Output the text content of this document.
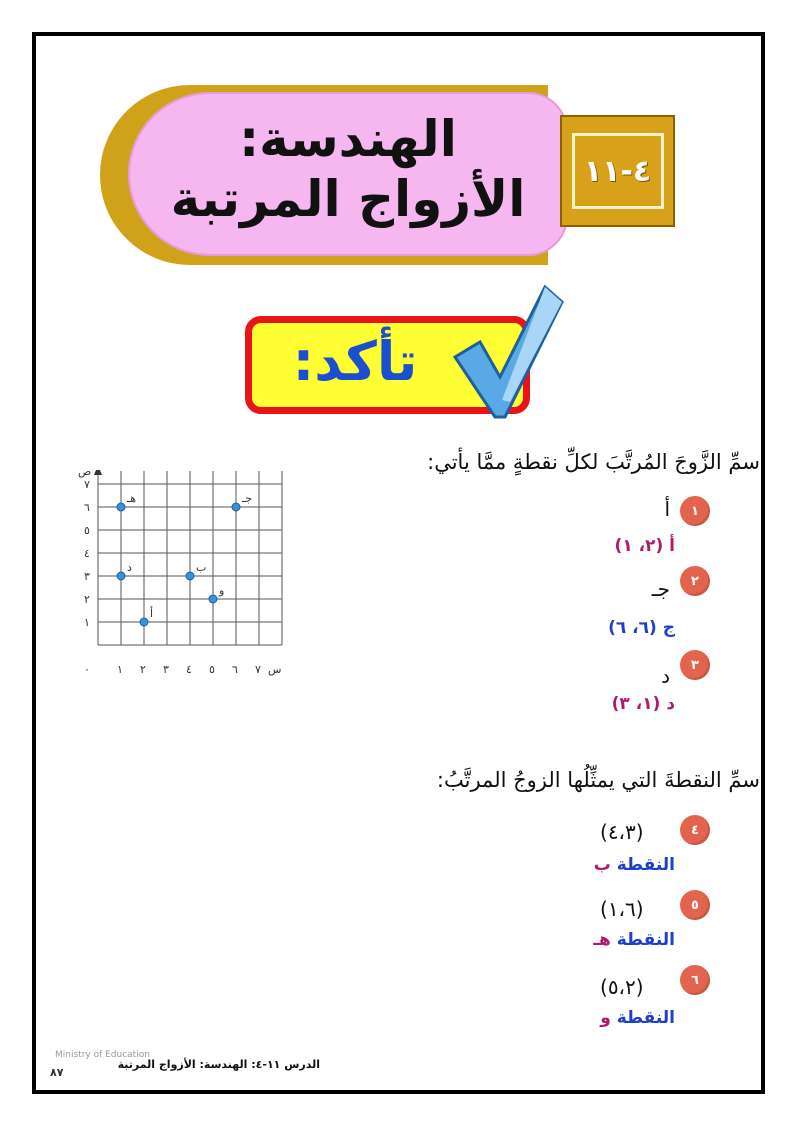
الهندسة:
الأزواج المرتبة	٤-١١
تأكد:
سمِّ الزَّوجَ المُرتَّبَ لكلِّ نقطةٍ ممَّا يأتي:
١
أ
أ (٢، ١)
٢
جـ
ج (٦، ٦)
٣
د
د (١، ٣)
ص
س
٠ ١ ٢ ٣ ٤ ٥ ٦ ٧
١
٢
٣
٤
٥
٦
٧
أ
ب
جـ
د
هـ
و
سمِّ النقطةَ التي يمثِّلُها الزوجُ المرتَّبُ:
٤
(٤،٣)
النقطة ب
٥
(١،٦)
النقطة هـ
٦
(٥،٢)
النقطة و
Ministry of Education
الدرس ١١-٤: الهندسة: الأزواج المرتبة
٨٧
